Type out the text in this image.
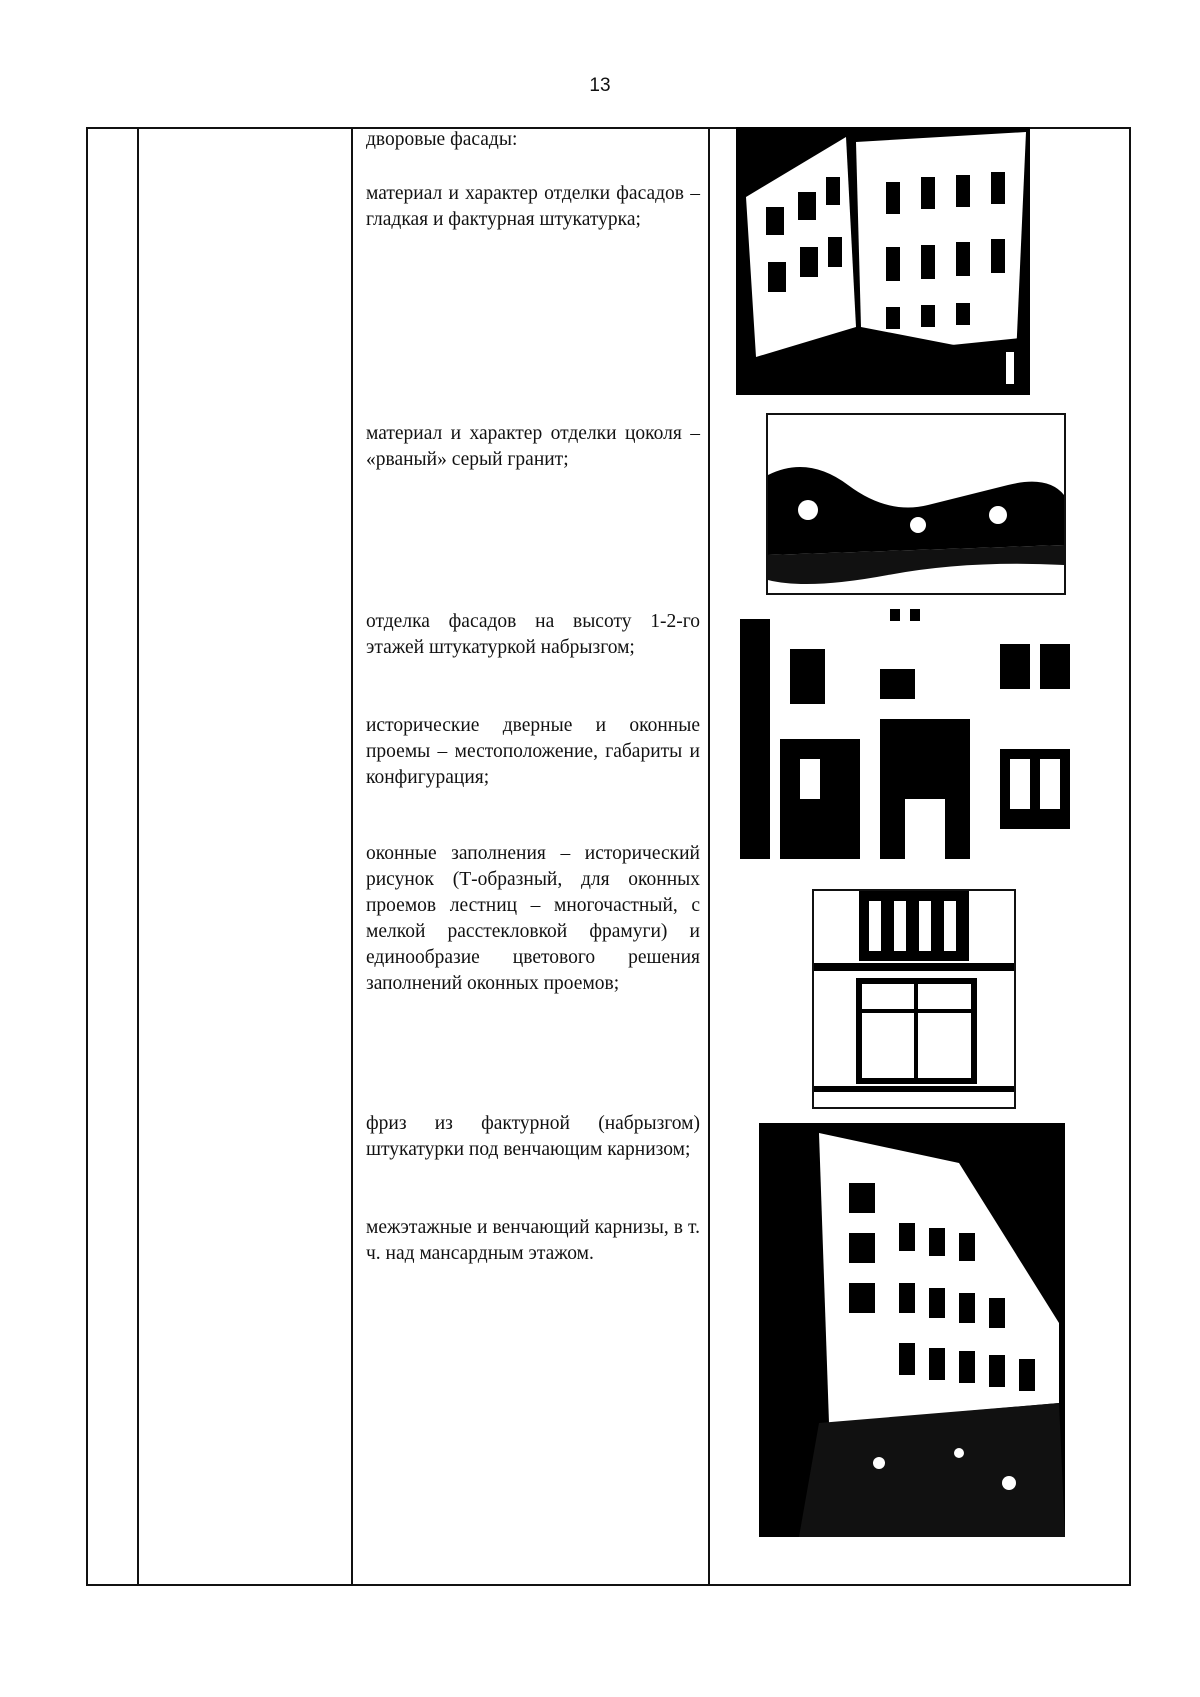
13

дворовые фасады:

материал и характер отделки фасадов – гладкая и фактурная штукатурка;

материал и характер отделки цоколя – «рваный» серый гранит;

отделка фасадов на высоту 1-2-го этажей штукатуркой набрызгом;

исторические дверные и оконные проемы – местоположение, габариты и конфигурация;

оконные заполнения – исторический рисунок (Т-образный, для оконных проемов лестниц – многочастный, с мелкой расстекловкой фрамуги) и единообразие цветового решения заполнений оконных проемов;

фриз из фактурной (набрызгом) штукатурки под венчающим карнизом;

межэтажные и венчающий карнизы, в т. ч. над мансардным этажом.
